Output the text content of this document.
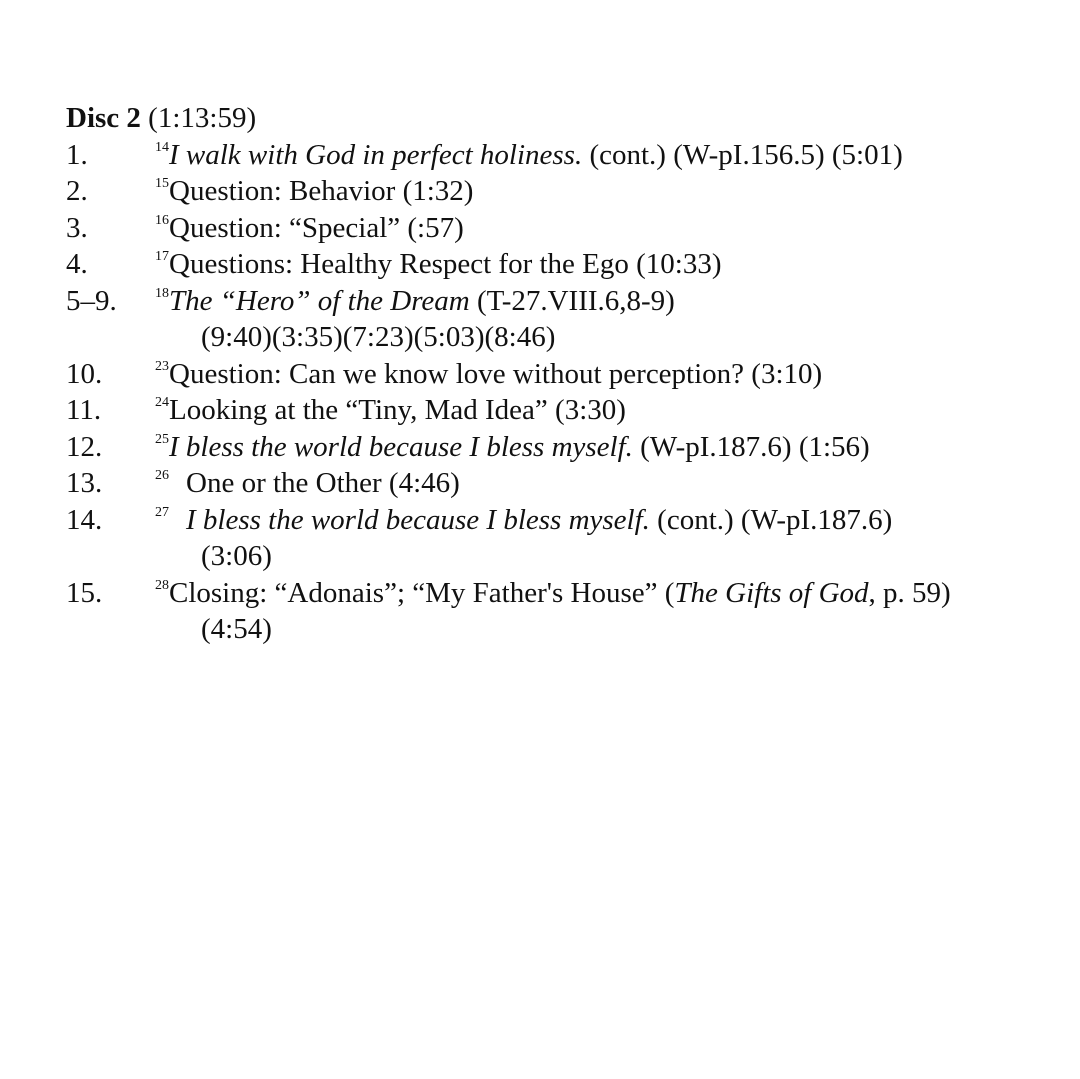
Disc 2 (1:13:59)
1.	$^{14}$I walk with God in perfect holiness. (cont.) (W-pI.156.5) (5:01)
2.	$^{15}$Question: Behavior (1:32)
3.	$^{16}$Question: “Special” (:57)
4.	$^{17}$Questions: Healthy Respect for the Ego (10:33)
5–9.	$^{18}$The “Hero” of the Dream (T-27.VIII.6,8-9)
(9:40)(3:35)(7:23)(5:03)(8:46)
10.	$^{23}$Question: Can we know love without perception? (3:10)
11.	$^{24}$Looking at the “Tiny, Mad Idea” (3:30)
12.	$^{25}$I bless the world because I bless myself. (W-pI.187.6) (1:56)
13.	$^{26}$ One or the Other (4:46)
14.	$^{27}$ I bless the world because I bless myself. (cont.) (W-pI.187.6)
(3:06)
15.	$^{28}$Closing: “Adonais”; “My Father's House” (The Gifts of God, p. 59)
(4:54)
